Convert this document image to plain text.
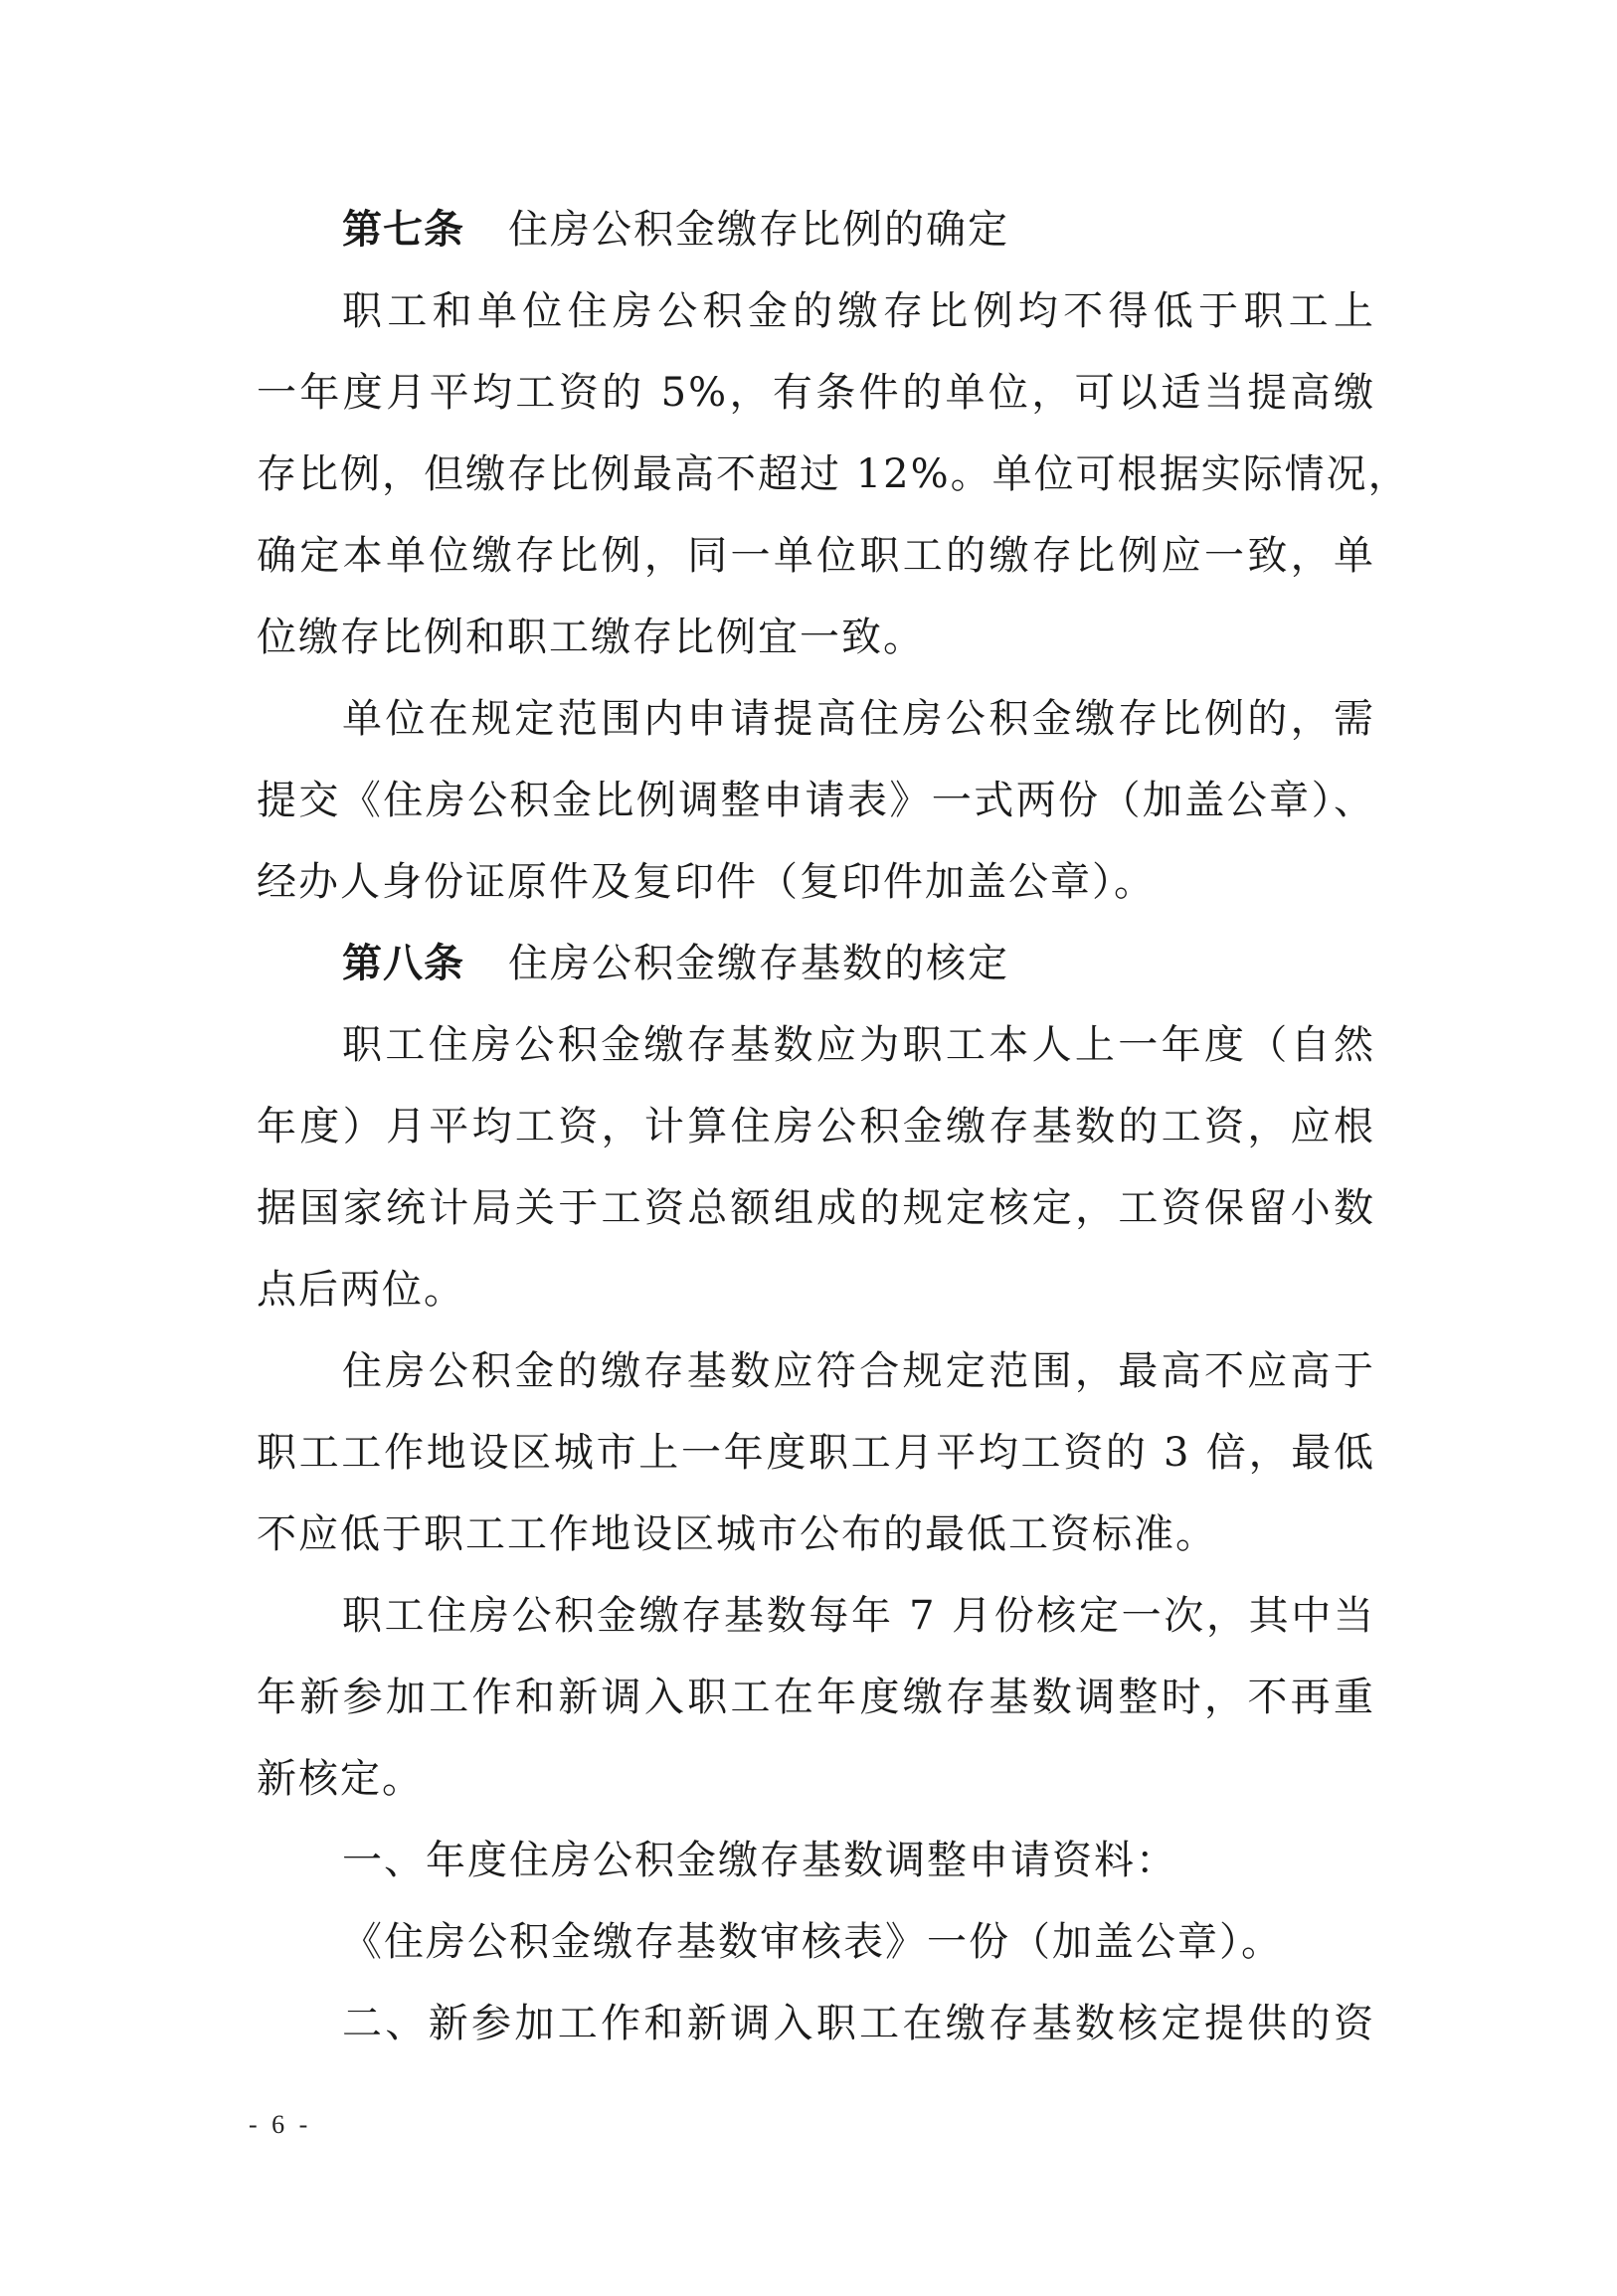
第七条 住房公积金缴存比例的确定
职工和单位住房公积金的缴存比例均不得低于职工上
一年度月平均工资的 5%，有条件的单位，可以适当提高缴
存比例，但缴存比例最高不超过 12%。单位可根据实际情况，
确定本单位缴存比例，同一单位职工的缴存比例应一致，单
位缴存比例和职工缴存比例宜一致。
单位在规定范围内申请提高住房公积金缴存比例的，需
提交《住房公积金比例调整申请表》一式两份（加盖公章）、
经办人身份证原件及复印件（复印件加盖公章）。
第八条 住房公积金缴存基数的核定
职工住房公积金缴存基数应为职工本人上一年度（自然
年度）月平均工资，计算住房公积金缴存基数的工资，应根
据国家统计局关于工资总额组成的规定核定，工资保留小数
点后两位。
住房公积金的缴存基数应符合规定范围，最高不应高于
职工工作地设区城市上一年度职工月平均工资的 3 倍，最低
不应低于职工工作地设区城市公布的最低工资标准。
职工住房公积金缴存基数每年 7 月份核定一次，其中当
年新参加工作和新调入职工在年度缴存基数调整时，不再重
新核定。
一、年度住房公积金缴存基数调整申请资料：
《住房公积金缴存基数审核表》一份（加盖公章）。
二、新参加工作和新调入职工在缴存基数核定提供的资
- 6 -
